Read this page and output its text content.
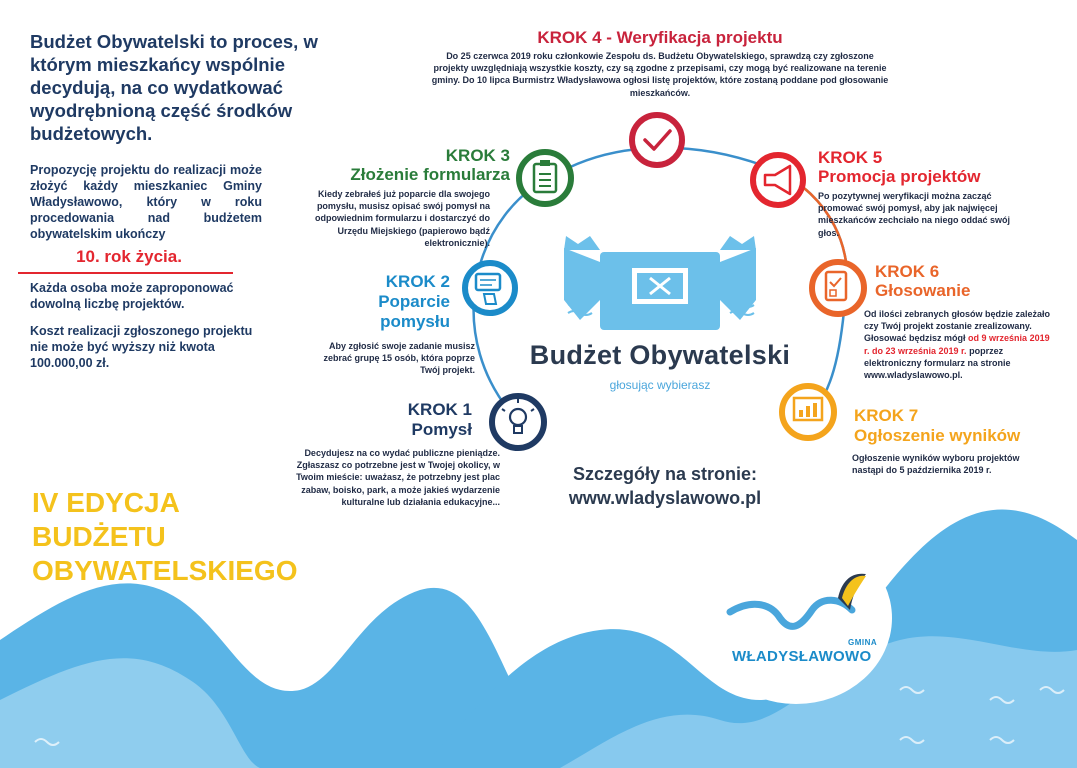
Budżet Obywatelski to proces, w którym mieszkańcy wspólnie decydują, na co wydatkować wyodrębnioną część środków budżetowych.
Propozycję projektu do realizacji może złożyć każdy mieszkaniec Gminy Władysławowo, który w roku procedowania nad budżetem obywatelskim ukończy
10. rok życia.
Każda osoba może zaproponować dowolną liczbę projektów.
Koszt realizacji zgłoszonego projektu nie może być wyższy niż kwota 100.000,00 zł.
IV EDYCJA
BUDŻETU
OBYWATELSKIEGO
KROK 4 - Weryfikacja projektu
Do 25 czerwca 2019 roku członkowie Zespołu ds. Budżetu Obywatelskiego, sprawdzą czy zgłoszone projekty uwzględniają wszystkie koszty, czy są zgodne z przepisami, czy mogą być realizowane na terenie gminy. Do 10 lipca Burmistrz Władysławowa ogłosi listę projektów, które zostaną poddane pod głosowanie mieszkańców.
KROK 3
Złożenie formularza
Kiedy zebrałeś już poparcie dla swojego pomysłu, musisz opisać swój pomysł na odpowiednim formularzu i dostarczyć do Urzędu Miejskiego (papierowo bądź elektronicznie).
KROK 5
Promocja projektów
Po pozytywnej weryfikacji można zacząć promować swój pomysł, aby jak najwięcej mieszkańców zechciało na niego oddać swój głos.
KROK 2
Poparcie pomysłu
Aby zgłosić swoje zadanie musisz zebrać grupę 15 osób, która poprze Twój projekt.
KROK 6
Głosowanie
Od ilości zebranych głosów będzie zależało czy Twój projekt zostanie zrealizowany. Głosować będzisz mógł od 9 września 2019 r. do 23 września 2019 r. poprzez elektroniczny formularz na stronie www.wladyslawowo.pl.
KROK 1
Pomysł
Decydujesz na co wydać publiczne pieniądze. Zgłaszasz co potrzebne jest w Twojej okolicy, w Twoim mieście: uważasz, że potrzebny jest plac zabaw, boisko, park, a może jakieś wydarzenie kulturalne lub działania edukacyjne...
KROK 7
Ogłoszenie wyników
Ogłoszenie wyników wyboru projektów nastąpi do 5 października 2019 r.
Budżet Obywatelski
głosując wybierasz
Szczegóły na stronie:
www.wladyslawowo.pl
GMINA
WŁADYSŁAWOWO
